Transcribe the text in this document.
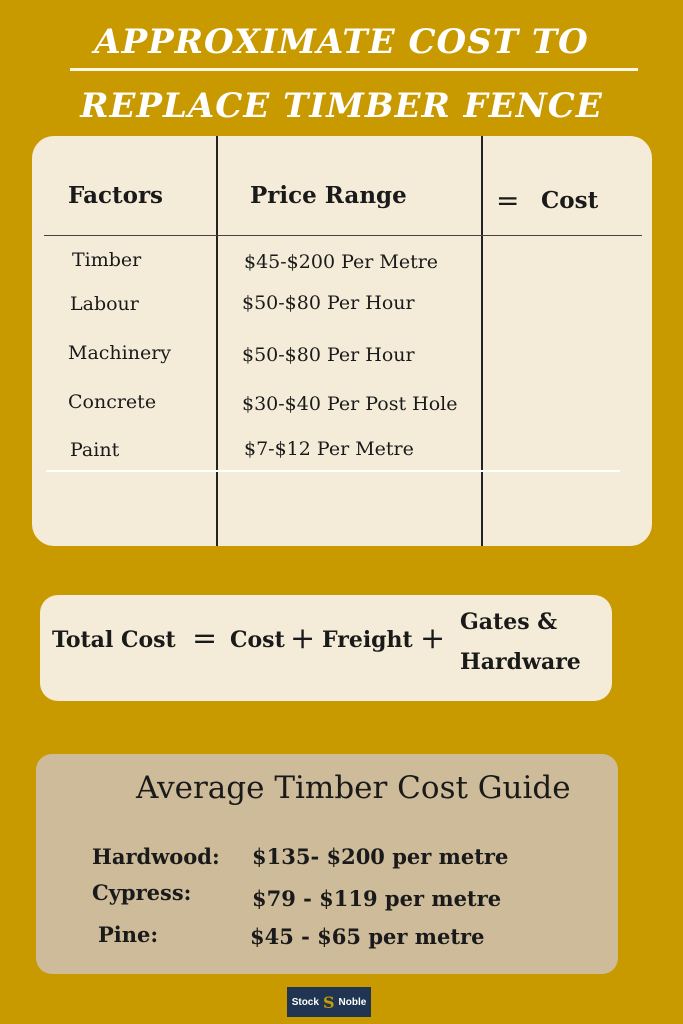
APPROXIMATE COST TO
REPLACE TIMBER FENCE
Factors	Price Range	= Cost
Timber	$45-$200 Per Metre
Labour	$50-$80 Per Hour
Machinery	$50-$80 Per Hour
Concrete	$30-$40 Per Post Hole
Paint	$7-$12 Per Metre
Total Cost = Cost + Freight + Gates &
Hardware
Average Timber Cost Guide
Hardwood: $135- $200 per metre
Cypress:	$79 - $119 per metre
Pine:	$45 - $65 per metre
Stock S Noble
